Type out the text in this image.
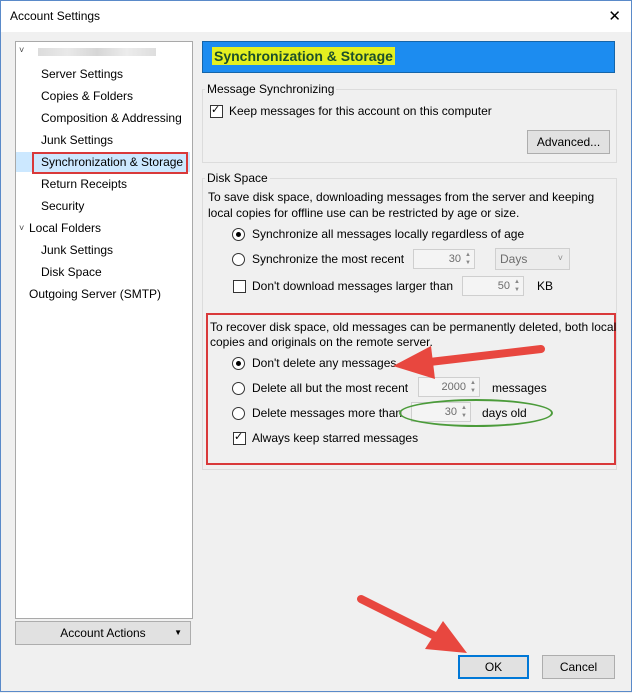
Account Settings	✕
˅
Server Settings
Copies & Folders
Composition & Addressing
Junk Settings
Synchronization & Storage
Return Receipts
Security
˅ Local Folders
Junk Settings
Disk Space
Outgoing Server (SMTP)
Account Actions	▼
Synchronization & Storage
Message Synchronizing
✓
Keep messages for this account on this computer
Advanced...
Disk Space
To save disk space, downloading messages from the server and keeping
local copies for offline use can be restricted by age or size.
Synchronize all messages locally regardless of age
Synchronize the most recent	30 ▲
▼ Days	˅
Don't download messages larger than	50 ▲
▼ KB
To recover disk space, old messages can be permanently deleted, both local
copies and originals on the remote server.
Don't delete any messages
Delete all but the most recent	2000 ▲
▼ messages
Delete messages more than	30 ▲
▼ days old
✓
Always keep starred messages
OK	Cancel
